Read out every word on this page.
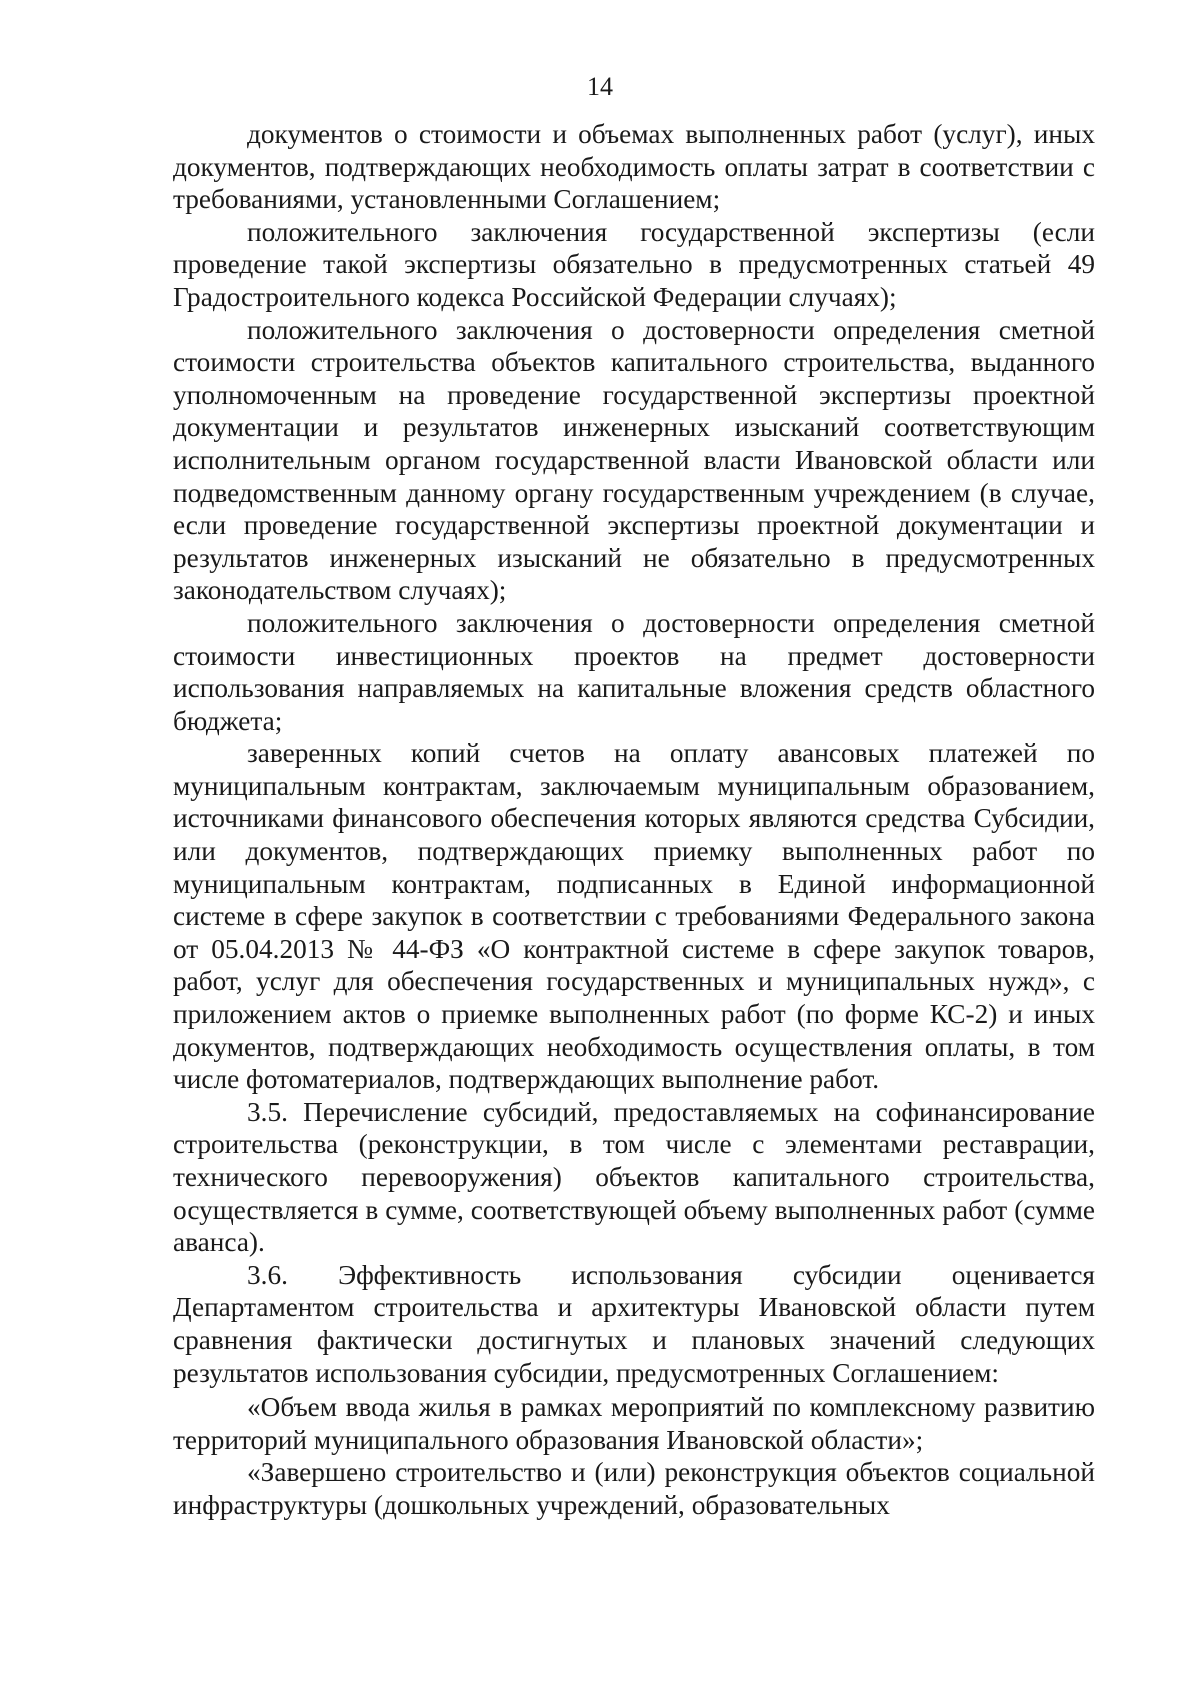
14

документов о стоимости и объемах выполненных работ (услуг), иных документов, подтверждающих необходимость оплаты затрат в соответствии с требованиями, установленными Соглашением;

положительного заключения государственной экспертизы (если проведение такой экспертизы обязательно в предусмотренных статьей 49 Градостроительного кодекса Российской Федерации случаях);

положительного заключения о достоверности определения сметной стоимости строительства объектов капитального строительства, выданного уполномоченным на проведение государственной экспертизы проектной документации и результатов инженерных изысканий соответствующим исполнительным органом государственной власти Ивановской области или подведомственным данному органу государственным учреждением (в случае, если проведение государственной экспертизы проектной документации и результатов инженерных изысканий не обязательно в предусмотренных законодательством случаях);

положительного заключения о достоверности определения сметной стоимости инвестиционных проектов на предмет достоверности использования направляемых на капитальные вложения средств областного бюджета;

заверенных копий счетов на оплату авансовых платежей по муниципальным контрактам, заключаемым муниципальным образованием, источниками финансового обеспечения которых являются средства Субсидии, или документов, подтверждающих приемку выполненных работ по муниципальным контрактам, подписанных в Единой информационной системе в сфере закупок в соответствии с требованиями Федерального закона от 05.04.2013 № 44-ФЗ «О контрактной системе в сфере закупок товаров, работ, услуг для обеспечения государственных и муниципальных нужд», с приложением актов о приемке выполненных работ (по форме КС-2) и иных документов, подтверждающих необходимость осуществления оплаты, в том числе фотоматериалов, подтверждающих выполнение работ.

3.5. Перечисление субсидий, предоставляемых на софинансирование строительства (реконструкции, в том числе с элементами реставрации, технического перевооружения) объектов капитального строительства, осуществляется в сумме, соответствующей объему выполненных работ (сумме аванса).

3.6. Эффективность использования субсидии оценивается Департаментом строительства и архитектуры Ивановской области путем сравнения фактически достигнутых и плановых значений следующих результатов использования субсидии, предусмотренных Соглашением:

«Объем ввода жилья в рамках мероприятий по комплексному развитию территорий муниципального образования Ивановской области»;

«Завершено строительство и (или) реконструкция объектов социальной инфраструктуры (дошкольных учреждений, образовательных
